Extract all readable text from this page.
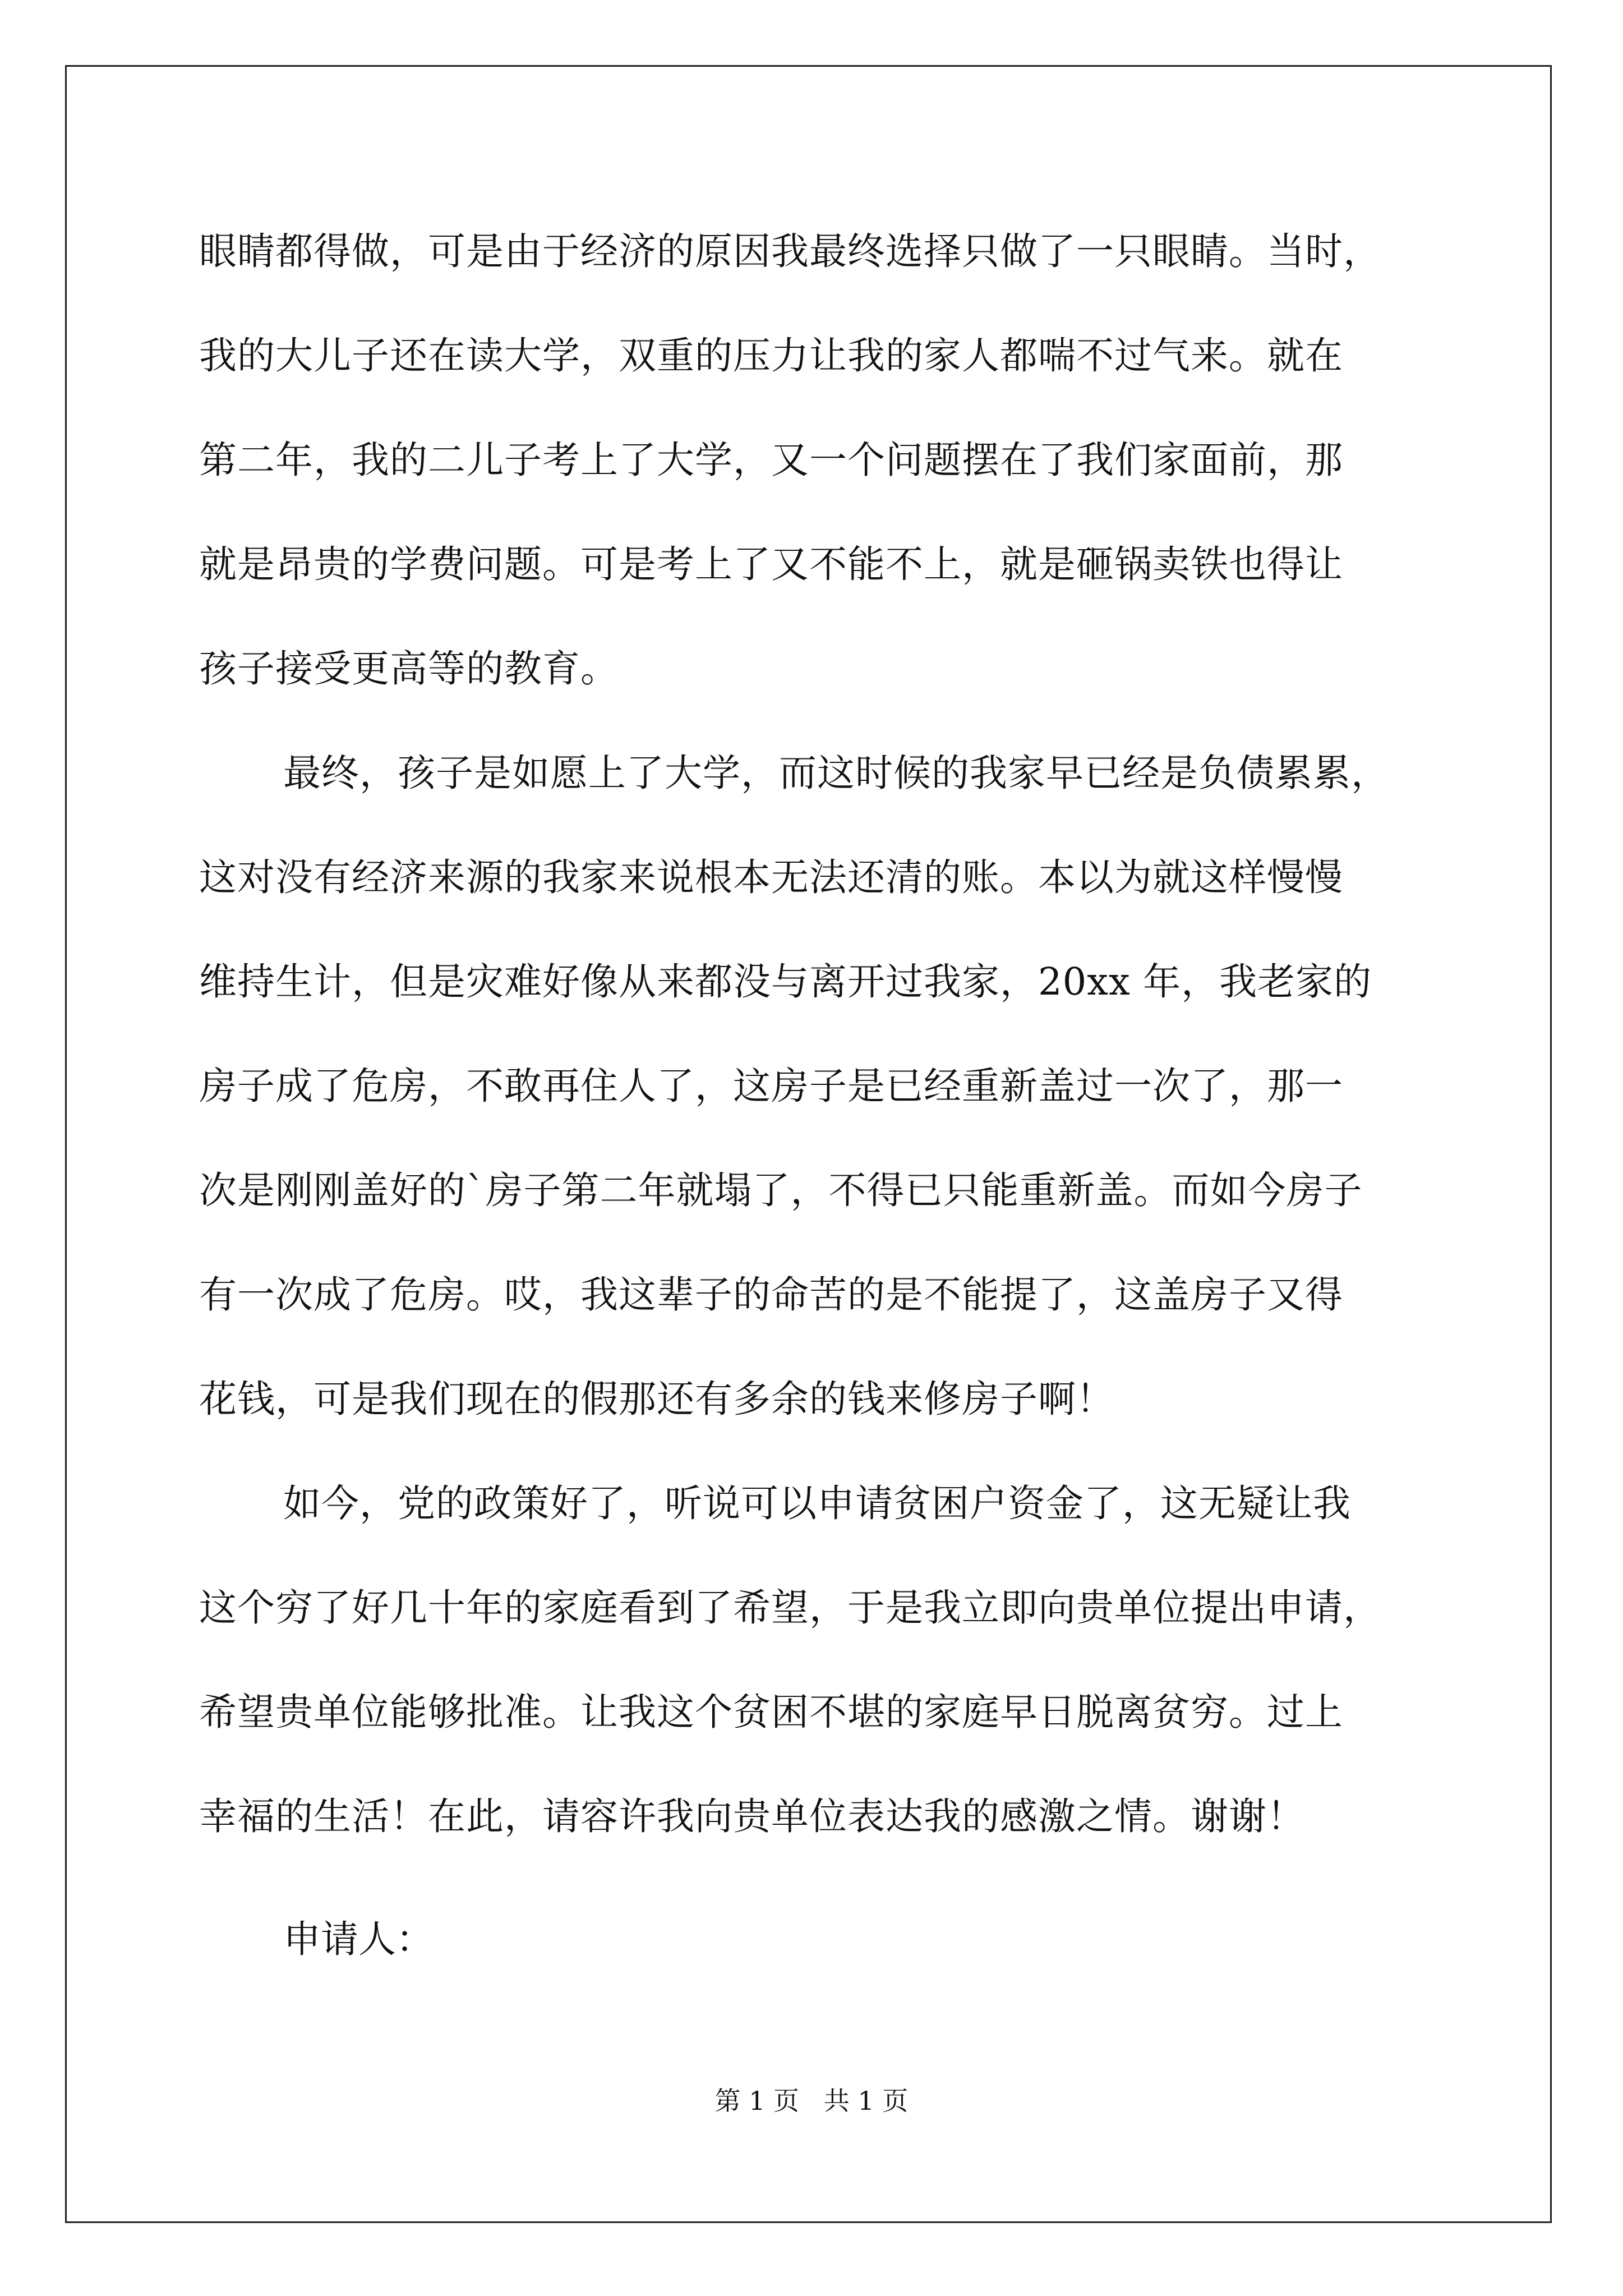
眼睛都得做，可是由于经济的原因我最终选择只做了一只眼睛。当时，
我的大儿子还在读大学，双重的压力让我的家人都喘不过气来。就在
第二年，我的二儿子考上了大学，又一个问题摆在了我们家面前，那
就是昂贵的学费问题。可是考上了又不能不上，就是砸锅卖铁也得让
孩子接受更高等的教育。
最终，孩子是如愿上了大学，而这时候的我家早已经是负债累累，
这对没有经济来源的我家来说根本无法还清的账。本以为就这样慢慢
维持生计，但是灾难好像从来都没与离开过我家，20xx 年，我老家的
房子成了危房，不敢再住人了，这房子是已经重新盖过一次了，那一
次是刚刚盖好的`房子第二年就塌了，不得已只能重新盖。而如今房子
有一次成了危房。哎，我这辈子的命苦的是不能提了，这盖房子又得
花钱，可是我们现在的假那还有多余的钱来修房子啊！
如今，党的政策好了，听说可以申请贫困户资金了，这无疑让我
这个穷了好几十年的家庭看到了希望，于是我立即向贵单位提出申请，
希望贵单位能够批准。让我这个贫困不堪的家庭早日脱离贫穷。过上
幸福的生活！在此，请容许我向贵单位表达我的感激之情。谢谢！
申请人：
第 1 页   共 1 页
